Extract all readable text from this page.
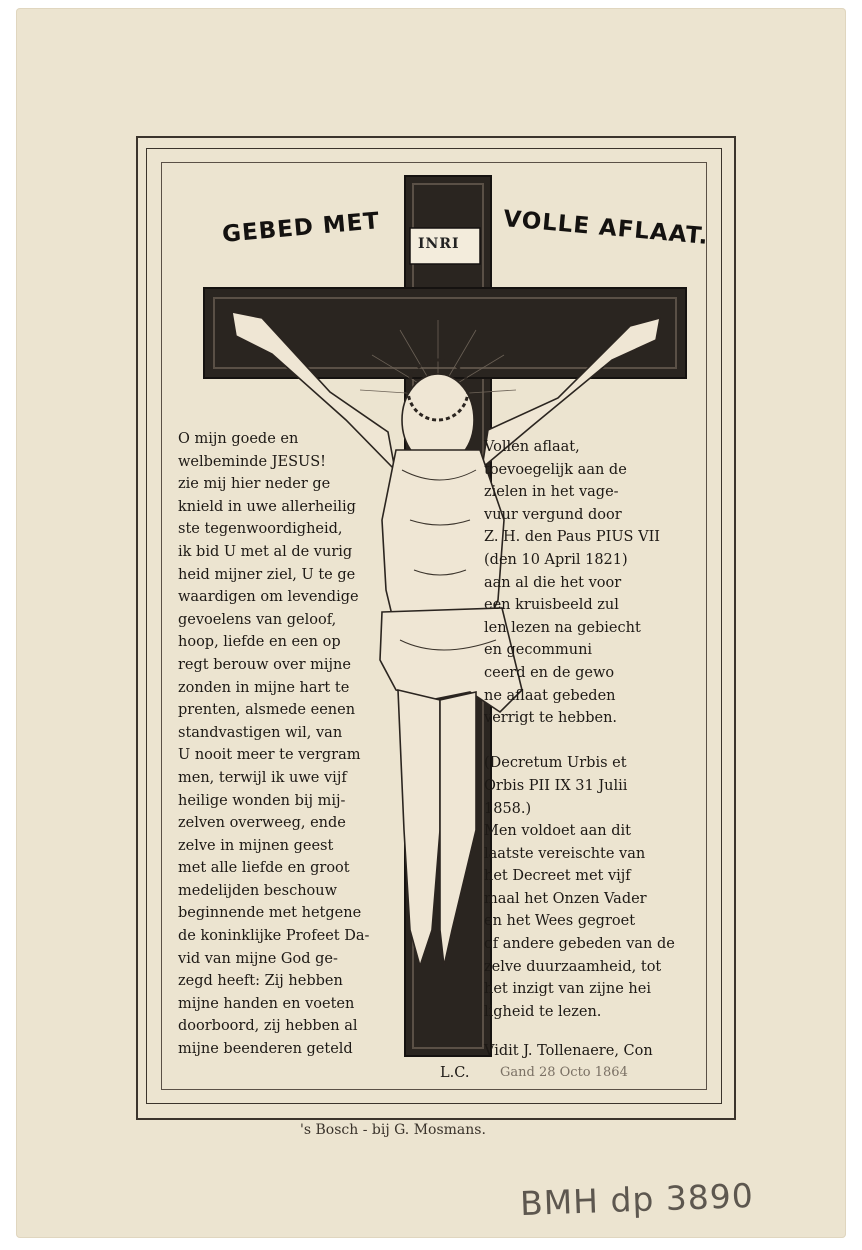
GEBED MET	VOLLE AFLAAT.
INRI
O mijn goede en
welbeminde JESUS!
zie mij hier neder ge
knield in uwe allerheilig
ste tegenwoordigheid,
ik bid U met al de vurig
heid mijner ziel, U te ge
waardigen om levendige
gevoelens van geloof,
hoop, liefde en een op
regt berouw over mijne
zonden in mijne hart te
prenten, alsmede eenen
standvastigen wil, van
U nooit meer te vergram
men, terwijl ik uwe vijf
heilige wonden bij mij-
zelven overweeg, ende
zelve in mijnen geest
met alle liefde en groot
medelijden beschouw
beginnende met hetgene
de koninklijke Profeet Da-
vid van mijne God ge-
zegd heeft: Zij hebben
mijne handen en voeten
doorboord, zij hebben al
mijne beenderen geteld
Vollen aflaat,
toevoegelijk aan de
zielen in het vage-
vuur vergund door
Z. H. den Paus PIUS VII
(den 10 April 1821)
aan al die het voor
een kruisbeeld zul
len lezen na gebiecht
en gecommuni
ceerd en de gewo
ne aflaat gebeden
verrigt te hebben.

(Decretum Urbis et
Orbis PII IX 31 Julii
1858.)
Men voldoet aan dit
laatste vereischte van
het Decreet met vijf
maal het Onzen Vader
en het Wees gegroet
of andere gebeden van de
zelve duurzaamheid, tot
het inzigt van zijne hei
ligheid te lezen.
Vidit J. Tollenaere, Con
L.C. Gand 28 Octo 1864
's Bosch - bij G. Mosmans.
BMH dp 3890
